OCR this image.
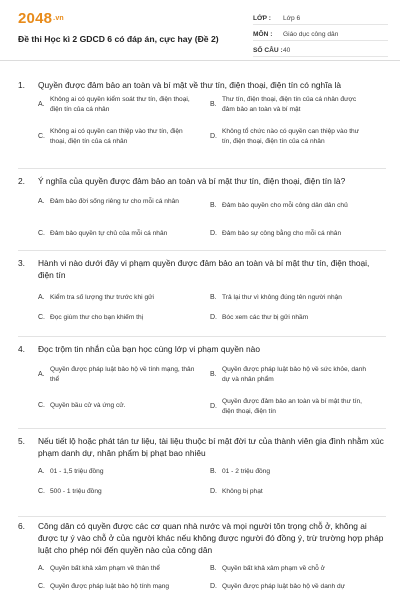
$2048^{.vn}$
Đề thi Học kì 2 GDCD 6 có đáp án, cực hay (Đề 2)
LỚP :	Lớp 6
MÔN :	Giáo dục công dân
SỐ CÂU : 40
1.	Quyền được đảm bảo an toàn và bí mật về thư tín, điện thoại, điện tín có nghĩa là
A.
Không ai có quyền kiểm soát thư tín, điện thoại, điện tín của cá nhân
B.
Thư tín, điện thoại, điện tín của cá nhân được đảm bảo an toàn và bí mật
C.
Không ai có quyền can thiệp vào thư tín, điện thoại, điện tín của cá nhân
D.
Không tổ chức nào có quyền can thiệp vào thư tín, điện thoại, điện tín của cá nhân
2.	Ý nghĩa của quyền được đảm bảo an toàn và bí mật thư tín, điện thoại, điện tín là?
A. Đảm bảo đời sống riêng tư cho mỗi cá nhân
B. Đảm bảo quyền cho mỗi công dân dân chủ
C. Đảm bảo quyền tự chủ của mỗi cá nhân	D. Đảm bảo sự công bằng cho mỗi cá nhân
3.	Hành vi nào dưới đây vi phạm quyền được đảm bảo an toàn và bí mật thư tín, điện thoại, điện tín
A. Kiểm tra số lượng thư trước khi gửi	B. Trả lại thư vì không đúng tên người nhận
C. Đọc giùm thư cho bạn khiếm thị	D. Bóc xem các thư bị gửi nhầm
4.	Đọc trộm tin nhắn của bạn học cùng lớp vi phạm quyền nào
A.
Quyền được pháp luật bảo hộ về tính mạng, thân thể
B.
Quyền được pháp luật bảo hộ về sức khỏe, danh dự và nhân phẩm
C. Quyền bầu cử và ứng cử.	D.
Quyền được đảm bảo an toàn và bí mật thư tín, điện thoại, điện tín
5.	Nếu tiết lộ hoặc phát tán tư liệu, tài liệu thuộc bí mật đời tư của thành viên gia đình nhằm xúc phạm danh dự, nhân phẩm bị phạt bao nhiêu
A. 01 - 1,5 triệu đồng	B. 01 - 2 triệu đồng
C. 500 - 1 triệu đồng	D. Không bị phạt
6.	Công dân có quyền được các cơ quan nhà nước và mọi người tôn trọng chỗ ở, không ai được tự ý vào chỗ ở của người khác nếu không được người đó đồng ý, trừ trường hợp pháp luật cho phép nói đến quyền nào của công dân
A. Quyền bất khả xâm phạm về thân thể	B. Quyền bất khả xâm phạm về chỗ ở
C. Quyền được pháp luật bảo hộ tính mạng	D. Quyền được pháp luật bảo hộ về danh dự
